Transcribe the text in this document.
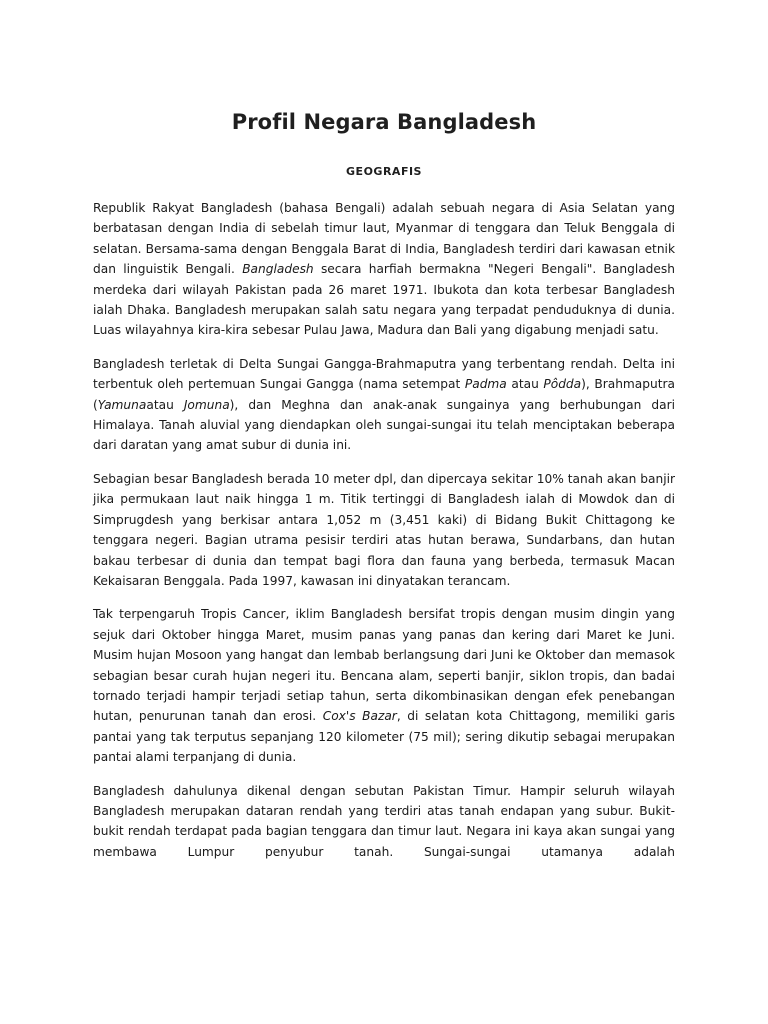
Profil Negara Bangladesh
GEOGRAFIS

Republik Rakyat Bangladesh (bahasa Bengali) adalah sebuah negara di Asia Selatan yang berbatasan dengan India di sebelah timur laut, Myanmar di tenggara dan Teluk Benggala di selatan. Bersama-sama dengan Benggala Barat di India, Bangladesh terdiri dari kawasan etnik dan linguistik Bengali. Bangladesh secara harfiah bermakna "Negeri Bengali". Bangladesh merdeka dari wilayah Pakistan pada 26 maret 1971. Ibukota dan kota terbesar Bangladesh ialah Dhaka. Bangladesh merupakan salah satu negara yang terpadat penduduknya di dunia. Luas wilayahnya kira-kira sebesar Pulau Jawa, Madura dan Bali yang digabung menjadi satu.

Bangladesh terletak di Delta Sungai Gangga-Brahmaputra yang terbentang rendah. Delta ini terbentuk oleh pertemuan Sungai Gangga (nama setempat Padma atau Pôdda), Brahmaputra (Yamunaatau Jomuna), dan Meghna dan anak-anak sungainya yang berhubungan dari Himalaya. Tanah aluvial yang diendapkan oleh sungai-sungai itu telah menciptakan beberapa dari daratan yang amat subur di dunia ini.

Sebagian besar Bangladesh berada 10 meter dpl, dan dipercaya sekitar 10% tanah akan banjir jika permukaan laut naik hingga 1 m. Titik tertinggi di Bangladesh ialah di Mowdok dan di Simprugdesh yang berkisar antara 1,052 m (3,451 kaki) di Bidang Bukit Chittagong ke tenggara negeri. Bagian utrama pesisir terdiri atas hutan berawa, Sundarbans, dan hutan bakau terbesar di dunia dan tempat bagi flora dan fauna yang berbeda, termasuk Macan Kekaisaran Benggala. Pada 1997, kawasan ini dinyatakan terancam.

Tak terpengaruh Tropis Cancer, iklim Bangladesh bersifat tropis dengan musim dingin yang sejuk dari Oktober hingga Maret, musim panas yang panas dan kering dari Maret ke Juni. Musim hujan Mosoon yang hangat dan lembab berlangsung dari Juni ke Oktober dan memasok sebagian besar curah hujan negeri itu. Bencana alam, seperti banjir, siklon tropis, dan badai tornado terjadi hampir terjadi setiap tahun, serta dikombinasikan dengan efek penebangan hutan, penurunan tanah dan erosi. Cox's Bazar, di selatan kota Chittagong, memiliki garis pantai yang tak terputus sepanjang 120 kilometer (75 mil); sering dikutip sebagai merupakan pantai alami terpanjang di dunia.

Bangladesh dahulunya dikenal dengan sebutan Pakistan Timur. Hampir seluruh wilayah Bangladesh merupakan dataran rendah yang terdiri atas tanah endapan yang subur. Bukit-bukit rendah terdapat pada bagian tenggara dan timur laut. Negara ini kaya akan sungai yang membawa Lumpur penyubur tanah. Sungai-sungai utamanya adalah
